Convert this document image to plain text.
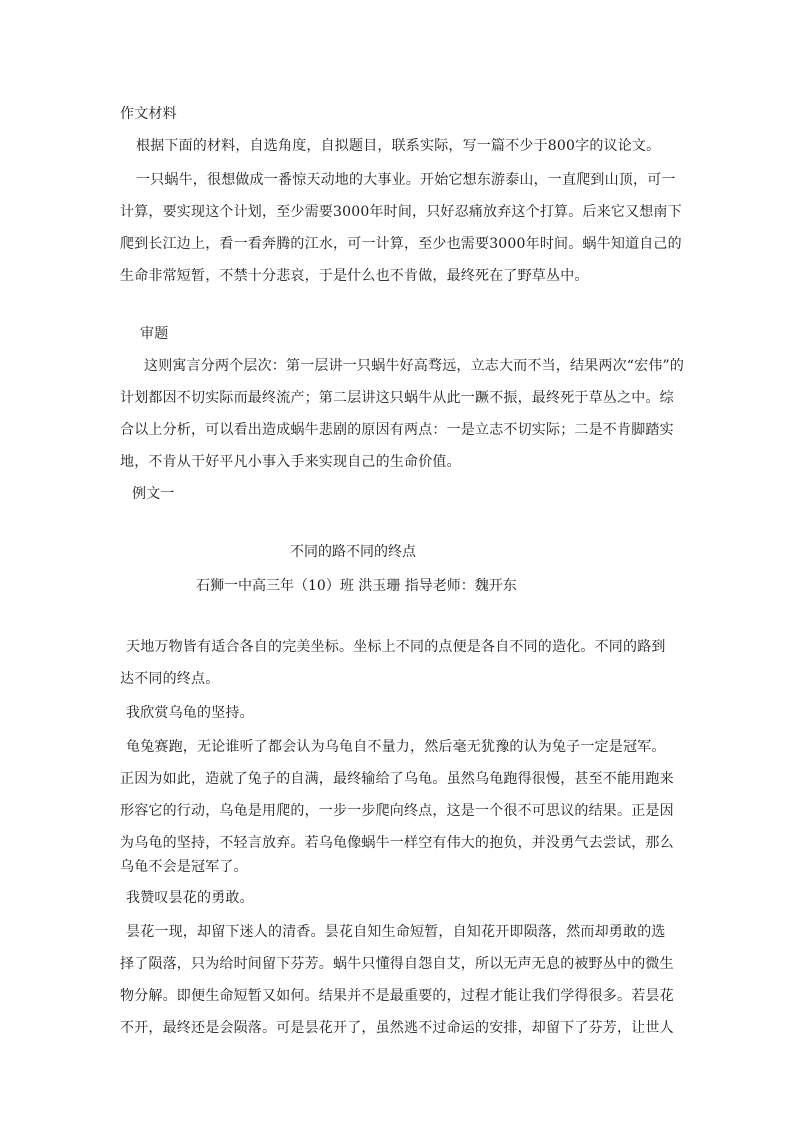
作文材料
根据下面的材料，自选角度，自拟题目，联系实际，写一篇不少于800字的议论文。
一只蜗牛，很想做成一番惊天动地的大事业。开始它想东游泰山，一直爬到山顶，可一
计算，要实现这个计划，至少需要3000年时间，只好忍痛放弃这个打算。后来它又想南下
爬到长江边上，看一看奔腾的江水，可一计算，至少也需要3000年时间。蜗牛知道自己的
生命非常短暂，不禁十分悲哀，于是什么也不肯做，最终死在了野草丛中。
审题
这则寓言分两个层次：第一层讲一只蜗牛好高骛远，立志大而不当，结果两次“宏伟”的
计划都因不切实际而最终流产；第二层讲这只蜗牛从此一蹶不振，最终死于草丛之中。综
合以上分析，可以看出造成蜗牛悲剧的原因有两点：一是立志不切实际；二是不肯脚踏实
地，不肯从干好平凡小事入手来实现自己的生命价值。
例文一
不同的路不同的终点
石狮一中高三年（10）班 洪玉珊 指导老师：魏开东
天地万物皆有适合各自的完美坐标。坐标上不同的点便是各自不同的造化。不同的路到
达不同的终点。
我欣赏乌龟的坚持。
龟兔赛跑，无论谁听了都会认为乌龟自不量力，然后毫无犹豫的认为兔子一定是冠军。
正因为如此，造就了兔子的自满，最终输给了乌龟。虽然乌龟跑得很慢，甚至不能用跑来
形容它的行动，乌龟是用爬的，一步一步爬向终点，这是一个很不可思议的结果。正是因
为乌龟的坚持，不轻言放弃。若乌龟像蜗牛一样空有伟大的抱负，并没勇气去尝试，那么
乌龟不会是冠军了。
我赞叹昙花的勇敢。
昙花一现，却留下迷人的清香。昙花自知生命短暂，自知花开即陨落，然而却勇敢的选
择了陨落，只为给时间留下芬芳。蜗牛只懂得自怨自艾，所以无声无息的被野丛中的微生
物分解。即便生命短暂又如何。结果并不是最重要的，过程才能让我们学得很多。若昙花
不开，最终还是会陨落。可是昙花开了，虽然逃不过命运的安排，却留下了芬芳，让世人
